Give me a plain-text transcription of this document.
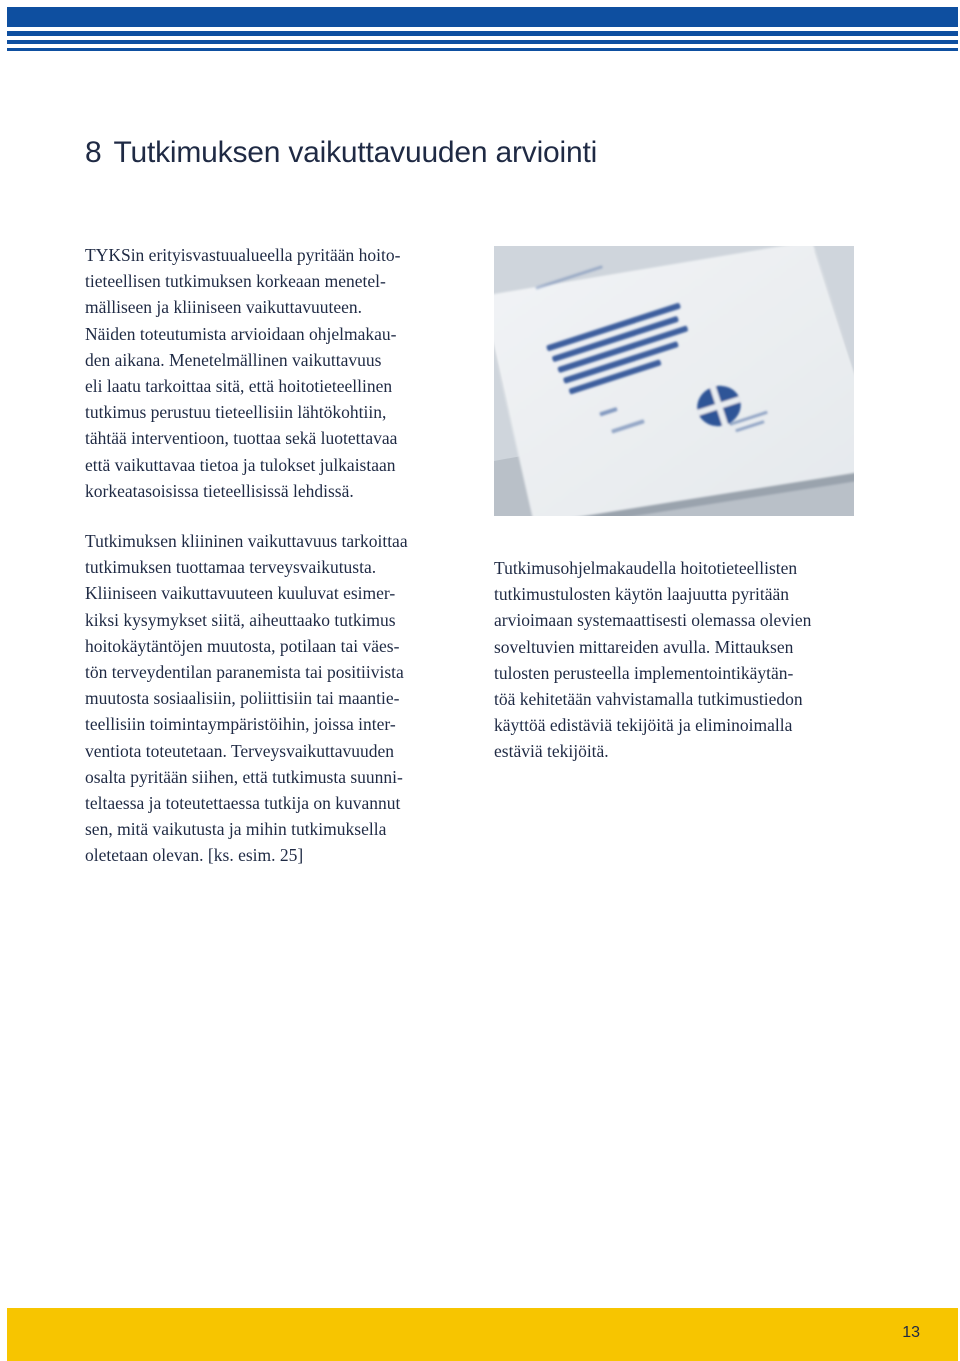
8 Tutkimuksen vaikuttavuuden arviointi

TYKSin erityisvastuualueella pyritään hoito-
tieteellisen tutkimuksen korkeaan menetel-
mälliseen ja kliiniseen vaikuttavuuteen.
Näiden toteutumista arvioidaan ohjelmakau-
den aikana. Menetelmällinen vaikuttavuus
eli laatu tarkoittaa sitä, että hoitotieteellinen
tutkimus perustuu tieteellisiin lähtökohtiin,
tähtää interventioon, tuottaa sekä luotettavaa
että vaikuttavaa tietoa ja tulokset julkaistaan
korkeatasoisissa tieteellisissä lehdissä.

Tutkimuksen kliininen vaikuttavuus tarkoittaa
tutkimuksen tuottamaa terveysvaikutusta.
Kliiniseen vaikuttavuuteen kuuluvat esimer-
kiksi kysymykset siitä, aiheuttaako tutkimus
hoitokäytäntöjen muutosta, potilaan tai väes-
tön terveydentilan paranemista tai positiivista
muutosta sosiaalisiin, poliittisiin tai maantie-
teellisiin toimintaympäristöihin, joissa inter-
ventiota toteutetaan. Terveysvaikuttavuuden
osalta pyritään siihen, että tutkimusta suunni-
teltaessa ja toteutettaessa tutkija on kuvannut
sen, mitä vaikutusta ja mihin tutkimuksella
oletetaan olevan. [ks. esim. 25]

Tutkimusohjelmakaudella hoitotieteellisten
tutkimustulosten käytön laajuutta pyritään
arvioimaan systemaattisesti olemassa olevien
soveltuvien mittareiden avulla. Mittauksen
tulosten perusteella implementointikäytän-
töä kehitetään vahvistamalla tutkimustiedon
käyttöä edistäviä tekijöitä ja eliminoimalla
estäviä tekijöitä.

13
